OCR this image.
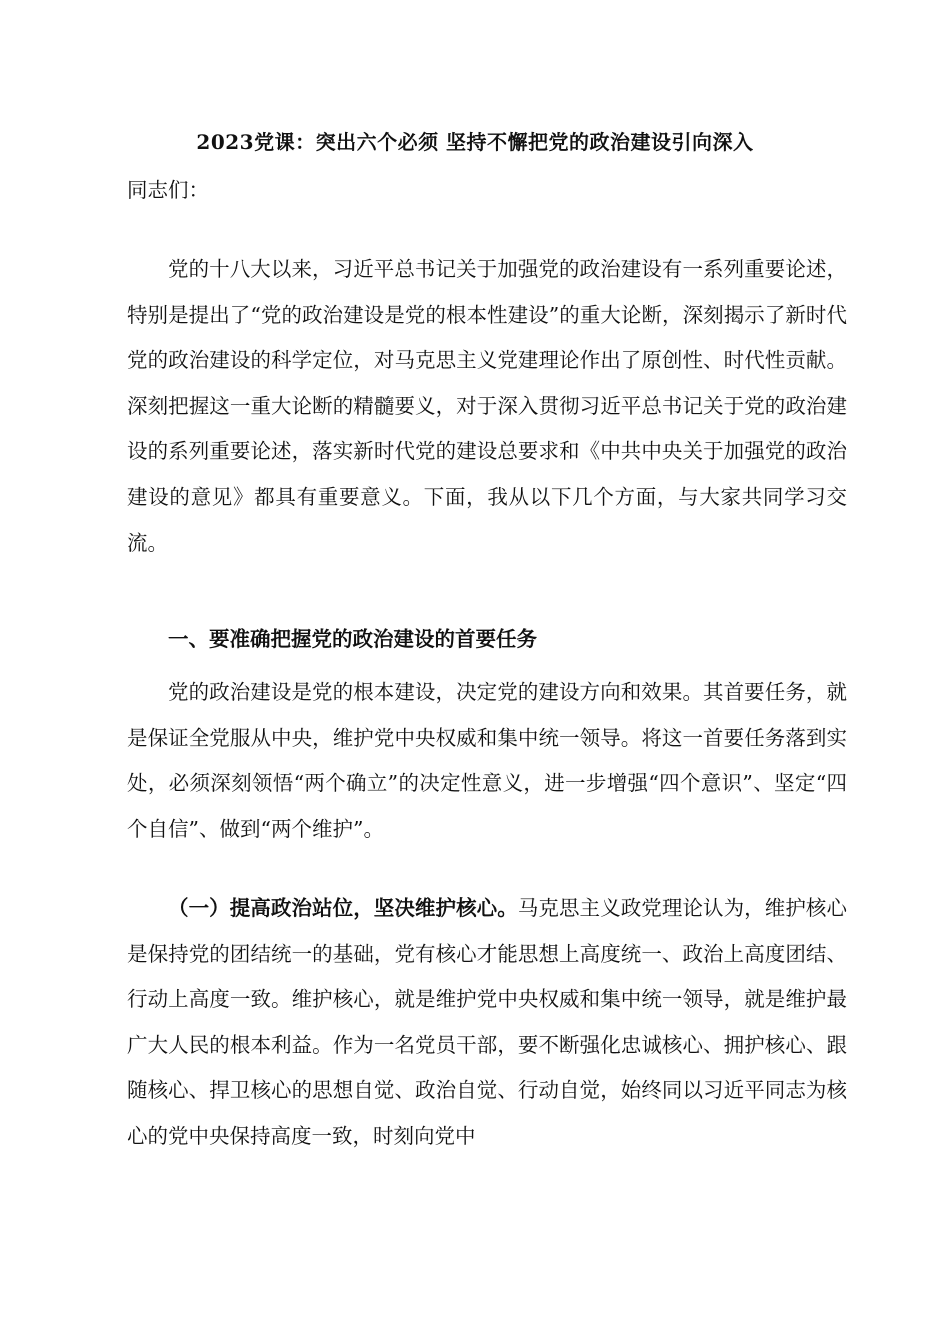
2023党课：突出六个必须 坚持不懈把党的政治建设引向深入
同志们：
党的十八大以来，习近平总书记关于加强党的政治建设有一系列重要论述，特别是提出了“党的政治建设是党的根本性建设”的重大论断，深刻揭示了新时代党的政治建设的科学定位，对马克思主义党建理论作出了原创性、时代性贡献。深刻把握这一重大论断的精髓要义，对于深入贯彻习近平总书记关于党的政治建设的系列重要论述，落实新时代党的建设总要求和《中共中央关于加强党的政治建设的意见》都具有重要意义。下面，我从以下几个方面，与大家共同学习交流。
一、要准确把握党的政治建设的首要任务
党的政治建设是党的根本建设，决定党的建设方向和效果。其首要任务，就是保证全党服从中央，维护党中央权威和集中统一领导。将这一首要任务落到实处，必须深刻领悟“两个确立”的决定性意义，进一步增强“四个意识”、坚定“四个自信”、做到“两个维护”。
（一）提高政治站位，坚决维护核心。马克思主义政党理论认为，维护核心是保持党的团结统一的基础，党有核心才能思想上高度统一、政治上高度团结、行动上高度一致。维护核心，就是维护党中央权威和集中统一领导，就是维护最广大人民的根本利益。作为一名党员干部，要不断强化忠诚核心、拥护核心、跟随核心、捍卫核心的思想自觉、政治自觉、行动自觉，始终同以习近平同志为核心的党中央保持高度一致，时刻向党中
